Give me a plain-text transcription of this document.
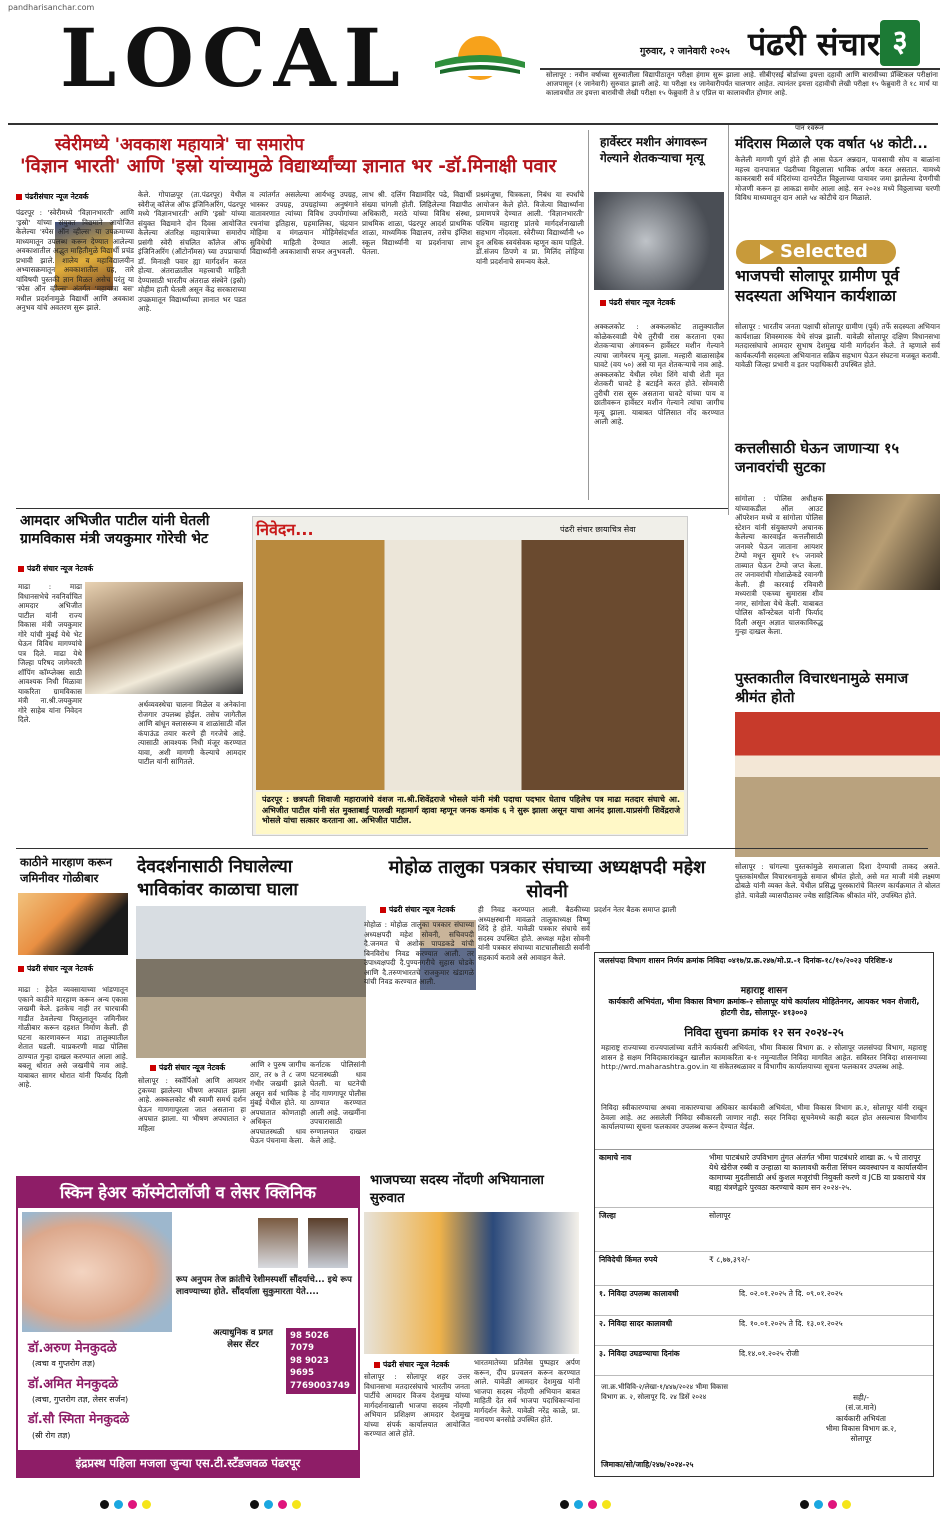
pandharisanchar.com
LOCAL	गुरुवार, २ जानेवारी २०२५ पंढरी संचार ३
सोलापूर : नवीन वर्षाच्या सुरुवातीला विद्यापीठातून परीक्षा हंगाम सुरू झाला आहे. सीबीएसई बोर्डाच्या इयत्ता दहावी आणि बारावीच्या प्रॅक्टिकल परीक्षांना आजपासून (१ जानेवारी) सुरुवात झाली आहे. या परीक्षा १४ जानेवारीपर्यंत चालणार आहेत. त्यानंतर इयत्ता दहावीची लेखी परीक्षा १५ फेब्रुवारी ते १८ मार्च या कालावधीत तर इयत्ता बारावीची लेखी परीक्षा १५ फेब्रुवारी ते ४ एप्रिल या कालावधीत होणार आहे.
स्वेरीमध्ये 'अवकाश महायात्रे' चा समारोप
'विज्ञान भारती' आणि 'इस्रो यांच्यामुळे विद्यार्थ्यांच्या ज्ञानात भर -डॉ.मिनाक्षी पवार
पंढरीसंचार न्यूज नेटवर्क
पंढरपूर : 'स्वेरीमध्ये 'विज्ञानभारती' आणि 'इस्रो' यांच्या संयुक्त विद्यमाने आयोजित केलेल्या 'स्पेस ऑन व्हील्स' या उपक्रमाच्या माध्यमातून उपलब्ध करून देण्यात आलेल्या अवकाशातील अद्भुत माहितीमुळे विद्यार्थी प्रचंड प्रभावी झाले. शालेय व महाविद्यालयीन अभ्यासक्रमातून अवकाशातील ग्रह, तारे यांविषयी पुस्तकी ज्ञान मिळत असेच परंतु या 'स्पेस ऑन व्हील्स' अंतर्गत 'महायात्रा बस' मधील प्रदर्शनामुळे विद्यार्थी आणि अवकाश अनुभव यांचे अवतरण सुरू झाले.
केले. गोपाळपूर (ता.पंढरपूर) येथील स्वेरीज् कॉलेज ऑफ इंजिनिअरिंग, पंढरपूर मध्ये 'विज्ञानभारती' आणि 'इस्रो' यांच्या संयुक्त विद्यमाने दोन दिवस आयोजित केलेल्या अंतरिक्ष महायात्रेच्या समारोप प्रसंगी स्वेरी संचलित कॉलेज ऑफ इंजिनिअरिंग (ऑटोनॉमस) च्या उपप्राचार्या डॉ. मिनाक्षी पवार ह्या मार्गदर्शन करत होत्या. अंतराळातील महत्त्वाची माहिती देण्यासाठी भारतीय अंतराळ संस्थेने (इस्रो) मोहीम हाती घेतली असून केंद्र सरकाराच्या उपक्रमातून विद्यार्थ्यांच्या ज्ञानात भर पडत आहे.
व त्यांतर्गत असलेल्या आर्यभट्ट उपग्रह, भास्कर उपग्रह, उपग्रहांच्या अनुषंगाने वातावरणात त्यांच्या विविध उपयोगांच्या रचनांचा इतिहास, ग्रहमालिका, चंद्रयान मोहिमा व मंगळयान मोहिमेसंदर्भात सुविधेची माहिती देण्यात आली. विद्यार्थ्यांनी अवकाशाची सफर अनुभवली.
लाभ श्री. दलिंग विद्यामंदिर पढे, विद्यार्थी संख्या चांगली होती. लिहिलेल्या विद्यापीठ अधिकारी, मराठे यांच्या विविध संस्था, प्राथमिक शाळा, पंढरपूर आदर्श प्राथमिक शाळा, माध्यमिक विद्यालय, तसेच इंग्लिश स्कूल विद्यार्थ्यांनी या प्रदर्शनाचा लाभ घेतला.
प्रश्नमंजुषा, चित्रकला, निबंध या स्पर्धांचे आयोजन केले होते. विजेत्या विद्यार्थ्यांना प्रमाणपत्रे देण्यात आली. 'विज्ञानभारती' पश्चिम महाराष्ट्र प्रांतचे मार्गदर्शनाखाली सहभाग नोंदवला. स्वेरीच्या विद्यार्थ्यांनी ५० हून अधिक स्वयंसेवक म्हणून काम पाहिले. डॉ.संजय ठिपणे व प्रा. मिलिंद लोहिया यांनी प्रदर्शनाचे समन्वय केले.
हार्वेस्टर मशीन अंगावरून गेल्याने शेतकऱ्याचा मृत्यू
पंढरी संचार न्यूज नेटवर्क
अक्कलकोट : अक्कलकोट तालुक्यातील कोळेकरवाडी येथे तुरीची रास करताना एका शेतकऱ्याचा अंगावरून हार्वेस्टर मशीन गेल्याने त्याचा जागेवरच मृत्यू झाला. मल्हारी बाळासाहेब घावटे (वय ५०) असे या मृत शेतकऱ्याचे नाव आहे. अक्कलकोट येथील रमेश शिंगे यांची शेती मृत शेतकरी घावटे हे बटाईने करत होते. सोमवारी तुरीची रास सुरू असताना घावटे यांच्या पाय व छातीवरून हार्वेस्टर मशीन गेल्याने त्यांचा जागीच मृत्यू झाला. याबाबत पोलिसात नोंद करण्यात आली आहे.
पान १वरून
मंदिरास मिळाले एक वर्षात ५४ कोटी...
केलेली मागणी पूर्ण होते ही आस घेऊन अन्नदान, पावसाची सोय व बाळांना महत्त्व दानपात्रात पंढरीच्या विठ्ठलाला भाविक अर्पण करत असतात. यामध्ये काकरबारी सर्व मंदिरांच्या दानपेटीत विठ्ठलाच्या पायावर जमा झालेल्या देणगीची मोजणी करून हा आकडा समोर आला आहे. सन २०२४ मध्ये विठ्ठलाच्या चरणी विविध माध्यमातून दान आले ५४ कोटीचे दान मिळाले.
Selected
भाजपची सोलापूर ग्रामीण पूर्व सदस्यता अभियान कार्यशाळा
सोलापूर : भारतीय जनता पक्षाची सोलापूर ग्रामीण (पूर्व) तर्फे सदस्यता अभियान कार्यशाळा शिवस्मारक येथे संपन्न झाली. यावेळी सोलापूर दक्षिण विधानसभा मतदारसंघाचे आमदार सुभाष देशमुख यांनी मार्गदर्शन केले. ते म्हणाले सर्व कार्यकर्त्यांनी सदस्यता अभियानात सक्रिय सहभाग घेऊन संघटना मजबूत करावी. यावेळी जिल्हा प्रभारी व इतर पदाधिकारी उपस्थित होते.
कत्तलीसाठी घेऊन जाणाऱ्या १५ जनावरांची सुटका
सांगोला : पोलिस अधीक्षक यांच्याकडील ऑल आउट ऑपरेशन मध्ये व सांगोला पोलिस स्टेशन यांनी संयुक्तपणे अचानक केलेल्या कारवाईत कत्तलीसाठी जनावरे घेऊन जाताना आयशर टेम्पो मधून सुमारे १५ जनावरे ताब्यात घेऊन टेम्पो जप्त केला. तर जनावरांची गोशाळेकडे रवानगी केली. ही कारवाई रविवारी मध्यरात्री एकच्या सुमारास शीव नगर, सांगोला येथे केली. याबाबत पोलिस कॉन्स्टेबल यांनी फिर्याद दिली असून अज्ञात चालकाविरुद्ध गुन्हा दाखल केला.
पुस्तकातील विचारधनामुळे समाज श्रीमंत होतो
सोलापूर : चांगल्या पुस्तकांमुळे समाजाला दिशा देण्याची ताकद असते. पुस्तकांमधील विचारधनामुळे समाज श्रीमंत होतो, असे मत माजी मंत्री लक्ष्मण ढोबळे यांनी व्यक्त केले. येथील प्रसिद्ध पुरस्कारांचे वितरण कार्यक्रमात ते बोलत होते. यावेळी व्यासपीठावर ज्येष्ठ साहित्यिक श्रीकांत मोरे, उपस्थित होते.
आमदार अभिजीत पाटील यांनी घेतली ग्रामविकास मंत्री जयकुमार गोरेची भेट
पंढरी संचार न्यूज नेटवर्क
माढा : माढा विधानसभेचे नवनिर्वाचित आमदार अभिजीत पाटील यांनी राज्य विकास मंत्री जयकुमार गोरे यांची मुंबई येथे भेट घेऊन विविध मागण्यांचे पत्र दिले. माढा येथे जिल्हा परिषद जागेवरती शॉपिंग कॉम्प्लेक्स साठी आवश्यक निधी मिळावा याकरिता ग्रामविकास मंत्री ना.श्री.जयकुमार गोरे साहेब यांना निवेदन दिले.
अर्थव्यवस्थेचा चालना मिळेल व अनेकांना रोजगार उपलब्ध होईल. तसेच जागेतील आणि बांधून क्लासरूम व शाळांसाठी वॉल कंपाऊंड तयार करणे ही गरजेचे आहे. त्यासाठी आवश्यक निधी मंजूर करण्यात यावा, अशी मागणी केल्याचे आमदार पाटील यांनी सांगितले.
निवेदन...	पंढरी संचार छायाचित्र सेवा
पंढरपूर : छत्रपती शिवाजी महाराजांचे वंशज ना.श्री.शिवेंद्रराजे भोसले यांनी मंत्री पदाचा पदभार घेताच पहिलेच पत्र माढा मतदार संघाचे आ. अभिजीत पाटील यांनी संत मुक्ताबाई पालखी महामार्ग व्हावा म्हणून जनक कमांक ६ ने सुरू झाला असून याचा आनंद झाला.याप्रसंगी शिवेंद्रराजे भोसले यांचा सत्कार करताना आ. अभिजीत पाटील.
काठीने मारहाण करून जमिनीवर गोळीबार
पंढरी संचार न्यूज नेटवर्क
माढा : हेदेत व्यवसायाच्या भांडणातून एकाने काठीने मारहाण करून अन्य एकास जखमी केले. इतकेच नाही तर चारचाकी गाडीत ठेवलेल्या पिस्तुलातून जमिनीवर गोळीबार करून दहशत निर्माण केली. ही घटना कारणावरून माढा तालुक्यातील शेतात घडली. याप्रकरणी माढा पोलिस ठाण्यात गुन्हा दाखल करण्यात आला आहे. बबलू थोरात असे जखमीचे नाव आहे. याबाबत सागर थोरात यांनी फिर्याद दिली आहे.
देवदर्शनासाठी निघालेल्या भाविकांवर काळाचा घाला
पंढरी संचार न्यूज नेटवर्क
सोलापूर : स्कॉर्पिओ आणि आयशर ट्रकच्या झालेल्या भीषण अपघात झाला आहे. अक्कलकोट श्री स्वामी समर्थ दर्शन घेऊन गाणगापूरला जात असताना हा अपघात झाला. या भीषण अपघातात २ महिला
आणि २ पुरुष जागीच ठार, तर ७ ते ८ जण गंभीर जखमी झाले असून सर्व भाविक हे मुंबई येथील होते. या अपघातात कोणताही अधिकृत अपघातस्थळी धाव घेऊन पंचनामा केला.
कर्नाटक पोलिसांनी घटनास्थळी धाव घेतली. या घटनेची नोंद गाणगापूर पोलीस ठाण्यात करण्यात आली आहे. जखमींना उपचारासाठी रुग्णालयात दाखल केले आहे.
मोहोळ तालुका पत्रकार संघाच्या अध्यक्षपदी महेश सोवनी
पंढरी संचार न्यूज नेटवर्क
मोहोळ : मोहोळ तालुका पत्रकार संघाच्या अध्यक्षपदी महेश सोवनी, सचिवपदी दै.जनमत चे अशोक पापडकडे यांची बिनविरोध निवड करण्यात आली. तर उपाध्यक्षपदी दै.पुण्यनगरीचे सुहास घोडके आणि दै.तरुणभारतचे राजकुमार खंडागळे यांची निवड करण्यात आली.
ही निवड करण्यात आली. बैठकीच्या अध्यक्षस्थानी मावळते तालुकाध्यक्ष विष्णु शिंदे हे होते. यावेळी पत्रकार संघाचे सर्व सदस्य उपस्थित होते. अध्यक्ष महेश सोवनी यांनी पत्रकार संघाच्या वाटचालीसाठी सर्वांनी सहकार्य करावे असे आवाहन केले.
प्रदर्शन नेतर बैठक समाप्त झाली
भाजपच्या सदस्य नोंदणी अभियानाला सुरुवात
पंढरी संचार न्यूज नेटवर्क
सोलापूर : सोलापूर शहर उत्तर विधानसभा मतदारसंघाचे भारतीय जनता पार्टीचे आमदार विजय देशमुख यांच्या मार्गदर्शनाखाली भाजपा सदस्य नोंदणी अभियान प्रशिक्षण आमदार देशमुख यांच्या संपर्क कार्यालयात आयोजित करण्यात आले होते.
भारतमातेच्या प्रतिमेस पुष्पहार अर्पण करून, दीप प्रज्वलन करून करण्यात आले. यावेळी आमदार देशमुख यांनी भाजपा सदस्य नोंदणी अभियान बाबत माहिती देत सर्व भाजपा पदाधिकाऱ्यांना मार्गदर्शन केले. यावेळी नरेंद्र काळे, प्रा. नारायण बनसोडे उपस्थित होते.
स्किन हेअर कॉस्मेटोलॉजी व लेसर क्लिनिक
रूप अनुपम तेज क्रांतीचे रेशीमस्पर्शी सौंदर्याचे... इथे रूप लावण्याच्या होते. सौंदर्याला सुकुमारता येते....
अत्याधुनिक व प्रगत लेसर सेंटर
98 5026 7079
98 9023 9695
7769003749
डॉ.अरुण मेनकुदळे
(त्वचा व गुप्तरोग तज्ञ)
डॉ.अमित मेनकुदळे
(त्वचा, गुप्तरोग तज्ञ, लेसर सर्जन)
डॉ.सौ स्मिता मेनकुदळे
(स्री रोग तज्ञ)
इंद्रप्रस्थ पहिला मजला जुन्या एस.टी.स्टॅंडजवळ पंढरपूर
जलसंपदा विभाग शासन निर्णय क्रमांक निविदा ०४१७/प्र.क्र.२४७/मो.प्र.-१ दिनांक-१८/१०/२०२३ परिशिष्ट-४
महाराष्ट्र शासन
कार्यकारी अभियंता, भीमा विकास विभाग क्रमांक-२ सोलापूर यांचे कार्यालय मोहितेनगर, आयकर भवन शेजारी, होटगी रोड, सोलापूर- ४१३००३
निविदा सुचना क्रमांक १२ सन २०२४-२५
महाराष्ट्र राज्याच्या राज्यपालांच्या वतीने कार्यकारी अभियंता, भीमा विकास विभाग क्र. २ सोलापूर जलसंपदा विभाग, महाराष्ट्र शासन हे सक्षम निविदाकारांकडून खालील कामाकरिता ब-१ नमुन्यातील निविदा मागवित आहेत. सविस्तर निविदा शासनाच्या http://wrd.maharashtra.gov.in या संकेतस्थळावर व विभागीय कार्यालयाच्या सूचना फलकावर उपलब्ध आहे.
निविदा स्वीकारण्याचा अथवा नाकारण्याचा अधिकार कार्यकारी अभियंता, भीमा विकास विभाग क्र.२, सोलापूर यांनी राखून ठेवला आहे. अट असलेली निविदा स्वीकारली जाणार नाही. सदर निविदा सूचनेमध्ये काही बदल होत असल्यास विभागीय कार्यालयाच्या सूचना फलकावर उपलब्ध करून देण्यात येईल.
कामाचे नाव	भीमा पाटबंधारे उपविभाग तुंगत अंतर्गत भीमा पाटबंधारे शाखा क्र. ५ चे तारापूर येथे खेरीज रब्बी व उन्हाळा या कालावधी करीता सिंचन व्यवस्थापन व कार्यालयीन कामाच्या मुदतीसाठी अर्ध कुशल मजूरांची नियुक्ती करणे व JCB या प्रकाराचे यंत्र बाह्य यंत्रणेद्वारे पुरवठा करण्याचे काम सन २०२४-२५.
जिल्हा	सोलापूर
निविदेची किंमत रुपये	₹ ८,७७,३९२/-
१. निविदा उपलब्ध कालावधी	दि. ०२.०१.२०२५ ते दि. ०९.०१.२०२५
२. निविदा सादर कालावधी	दि. १०.०१.२०२५ ते दि. १३.०१.२०२५
३. निविदा उघडण्याचा दिनांक	दि.१४.०१.२०२५ रोजी
जा.क्र.भीविवि-२/लेखा-१/४४७/२०२४ भीमा विकास विभाग क्र. २, सोलापूर दि. २४ डिसें २०२४	सही/-
(सं.ज.माने)
कार्यकारी अभियंता
भीमा विकास विभाग क्र.२,
सोलापूर
जिमाका/सो/जाहि/२४७/२०२४-२५
